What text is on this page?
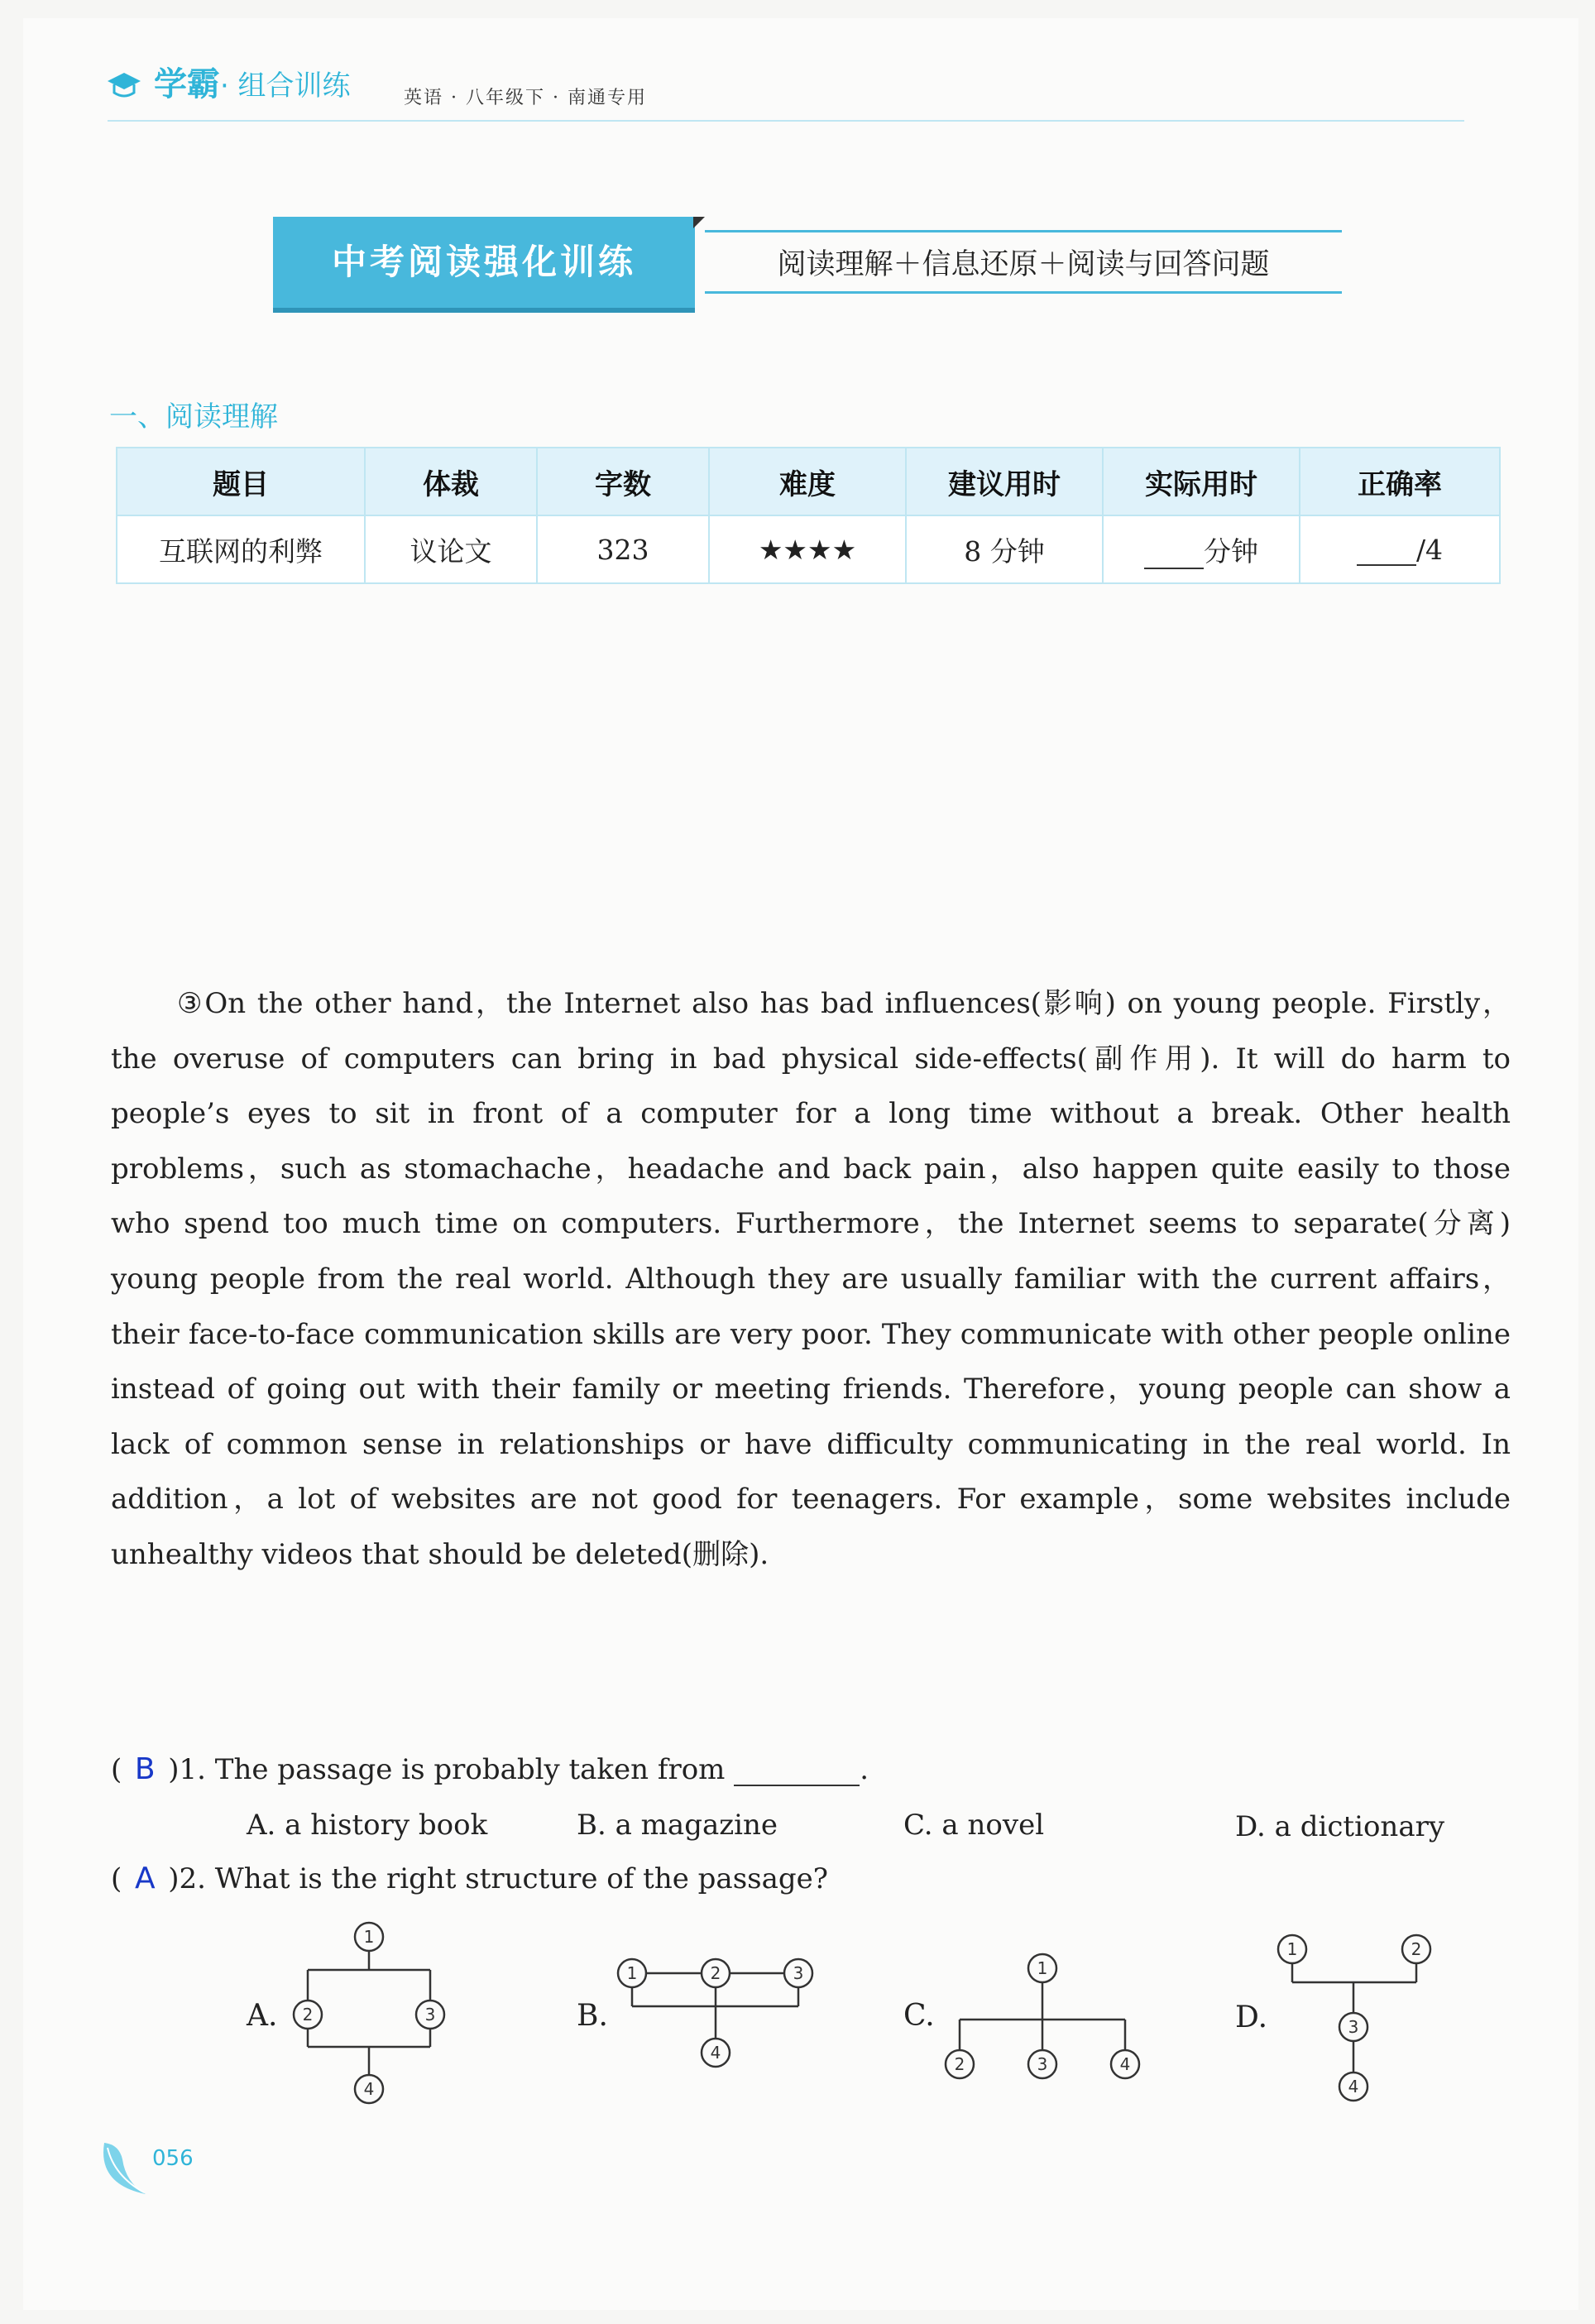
学霸· 组合训练	英语 · 八年级下 · 南通专用
中考阅读强化训练	阅读理解＋信息还原＋阅读与回答问题
一、阅读理解
题目	体裁	字数	难度	建议用时	实际用时	正确率
互联网的利弊	议论文	323	★★★★	8 分钟	分钟	/4

③On the other hand，the Internet also has bad influences(影响) on young people. Firstly，the overuse of computers can bring in bad physical side-effects(副作用). It will do harm to people’s eyes to sit in front of a computer for a long time without a break. Other health problems，such as stomachache，headache and back pain，also happen quite easily to those who spend too much time on computers. Furthermore，the Internet seems to separate(分离) young people from the real world. Although they are usually familiar with the current affairs，their face-to-face communication skills are very poor. They communicate with other people online instead of going out with their family or meeting friends. Therefore，young people can show a lack of common sense in relationships or have difficulty communicating in the real world. In addition，a lot of websites are not good for teenagers. For example，some websites include unhealthy videos that should be deleted(删除).

( B )1. The passage is probably taken from	.
A. a history book	B. a magazine	C. a novel	D. a dictionary
( A )2. What is the right structure of the passage?
A.	B.	C.	D.
1
2	3
4
1	2	3
4
1
2	3	4
1	2
3
4
056
